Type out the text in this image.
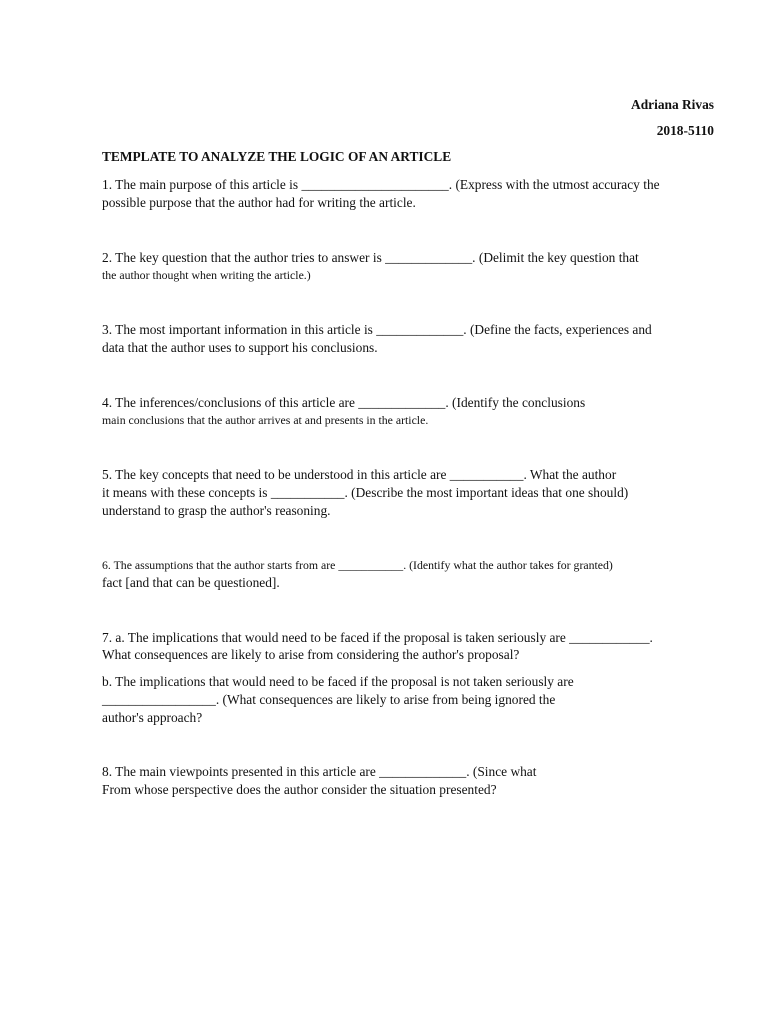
Adriana Rivas
2018-5110
TEMPLATE TO ANALYZE THE LOGIC OF AN ARTICLE
1. The main purpose of this article is ______________________. (Express with the utmost accuracy the
possible purpose that the author had for writing the article.
2. The key question that the author tries to answer is _____________. (Delimit the key question that
the author thought when writing the article.)
3. The most important information in this article is _____________. (Define the facts, experiences and
data that the author uses to support his conclusions.
4. The inferences/conclusions of this article are _____________. (Identify the conclusions
main conclusions that the author arrives at and presents in the article.
5. The key concepts that need to be understood in this article are ___________. What the author
it means with these concepts is ___________. (Describe the most important ideas that one should)
understand to grasp the author's reasoning.
6. The assumptions that the author starts from are ___________. (Identify what the author takes for granted)
fact [and that can be questioned].
7. a. The implications that would need to be faced if the proposal is taken seriously are ____________.
What consequences are likely to arise from considering the author's proposal?
b. The implications that would need to be faced if the proposal is not taken seriously are
_________________. (What consequences are likely to arise from being ignored the
author's approach?
8. The main viewpoints presented in this article are _____________. (Since what
From whose perspective does the author consider the situation presented?
